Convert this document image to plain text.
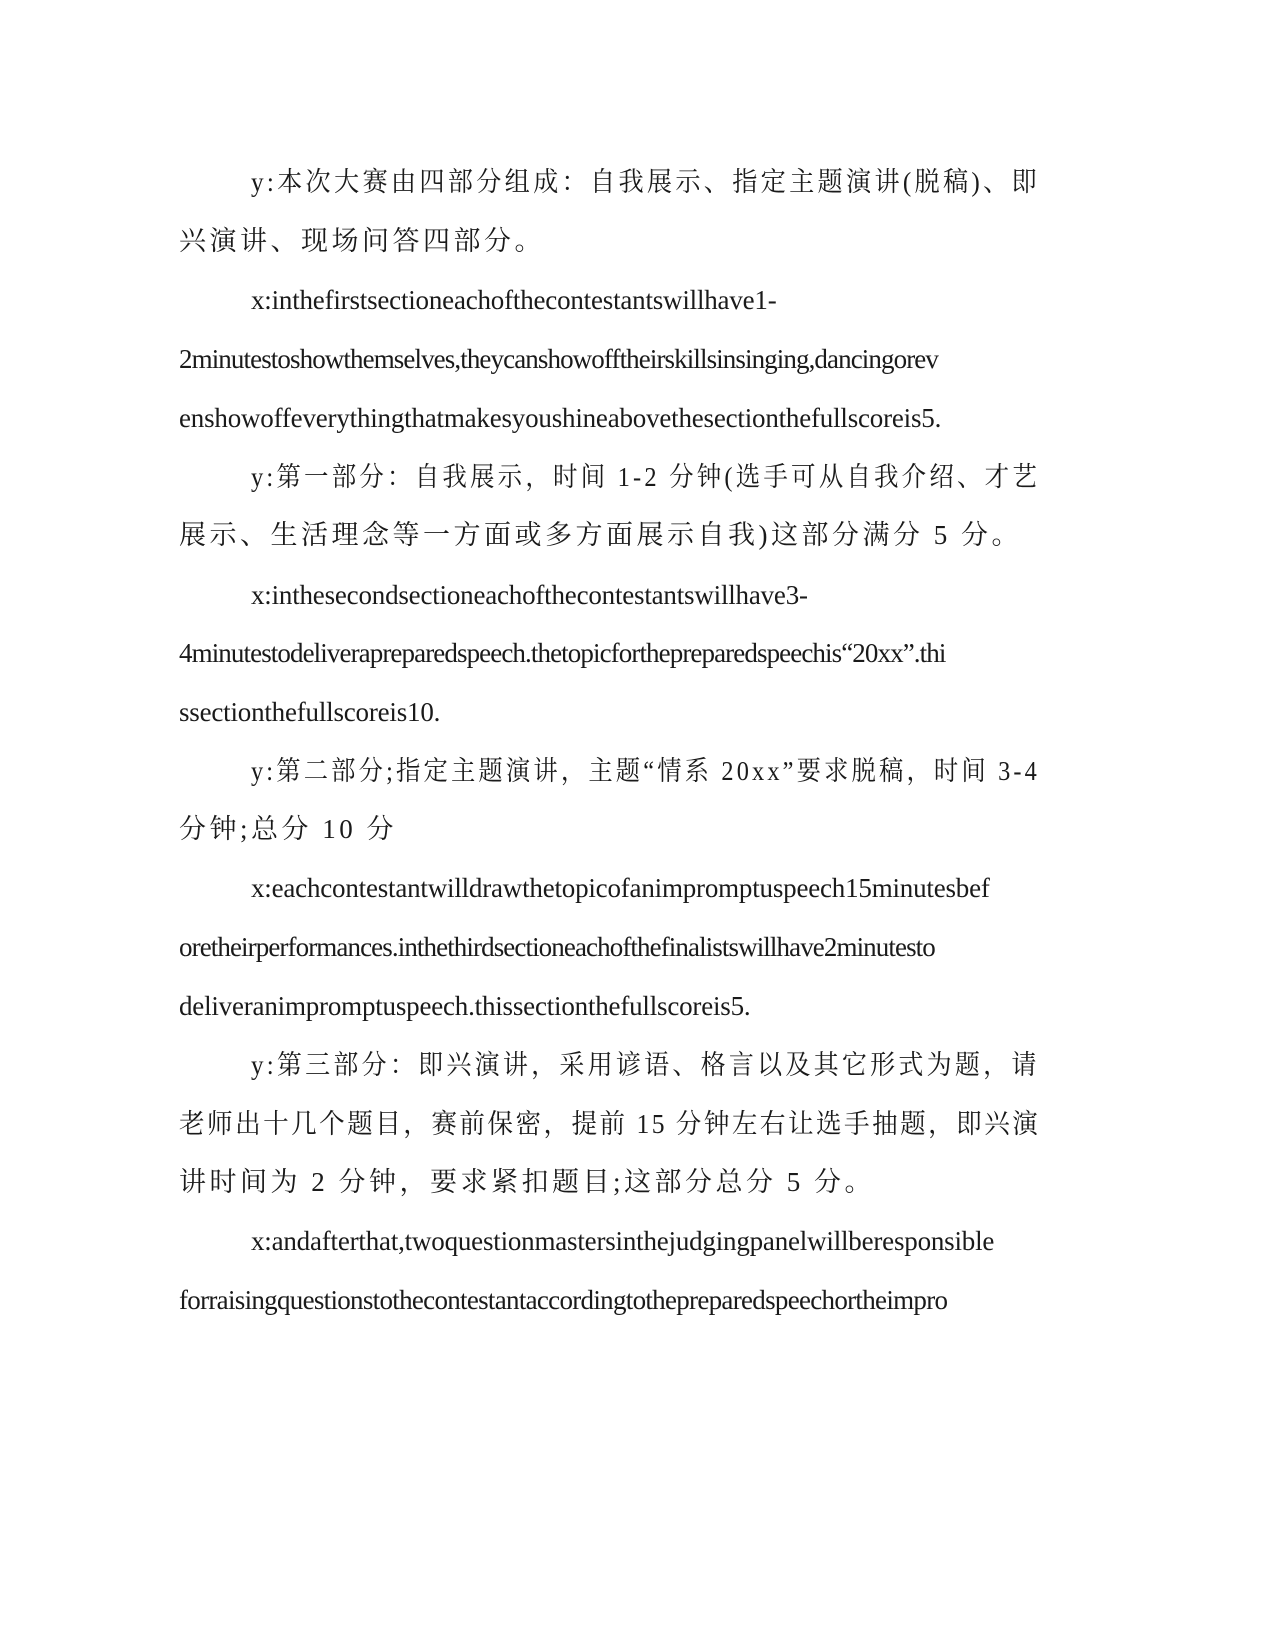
y:本次大赛由四部分组成：自我展示、指定主题演讲(脱稿)、即
兴演讲、现场问答四部分。
x:inthefirstsectioneachofthecontestantswillhave1-
2minutestoshowthemselves,theycanshowofftheirskillsinsinging,dancingorev
enshowoffeverythingthatmakesyoushineabovethesectionthefullscoreis5.
y:第一部分：自我展示，时间 1-2 分钟(选手可从自我介绍、才艺
展示、生活理念等一方面或多方面展示自我)这部分满分 5 分。
x:inthesecondsectioneachofthecontestantswillhave3-
4minutestodeliverapreparedspeech.thetopicforthepreparedspeechis“20xx”.thi
ssectionthefullscoreis10.
y:第二部分;指定主题演讲，主题“情系 20xx”要求脱稿，时间 3-4
分钟;总分 10 分
x:eachcontestantwilldrawthetopicofanimpromptuspeech15minutesbef
oretheirperformances.inthethirdsectioneachofthefinalistswillhave2minutesto
deliveranimpromptuspeech.thissectionthefullscoreis5.
y:第三部分：即兴演讲，采用谚语、格言以及其它形式为题，请
老师出十几个题目，赛前保密，提前 15 分钟左右让选手抽题，即兴演
讲时间为 2 分钟，要求紧扣题目;这部分总分 5 分。
x:andafterthat,twoquestionmastersinthejudgingpanelwillberesponsible
forraisingquestionstothecontestantaccordingtothepreparedspeechortheimpro
